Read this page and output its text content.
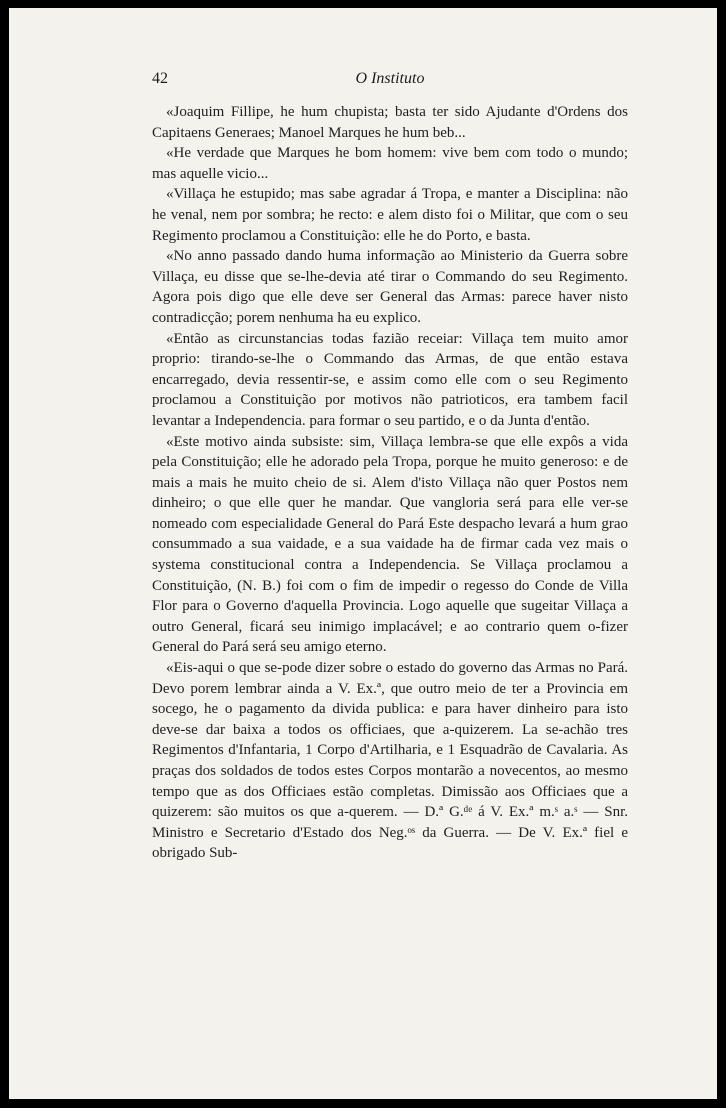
42	O Instituto

«Joaquim Fillipe, he hum chupista; basta ter sido Ajudante d'Ordens dos Capitaens Generaes; Manoel Marques he hum beb...

«He verdade que Marques he bom homem: vive bem com todo o mundo; mas aquelle vicio...

«Villaça he estupido; mas sabe agradar á Tropa, e manter a Disciplina: não he venal, nem por sombra; he recto: e alem disto foi o Militar, que com o seu Regimento proclamou a Constituição: elle he do Porto, e basta.

«No anno passado dando huma informação ao Ministerio da Guerra sobre Villaça, eu disse que se-lhe-devia até tirar o Commando do seu Regimento. Agora pois digo que elle deve ser General das Armas: parece haver nisto contradicção; porem nenhuma ha eu explico.

«Então as circunstancias todas fazião receiar: Villaça tem muito amor proprio: tirando-se-lhe o Commando das Armas, de que então estava encarregado, devia ressentir-se, e assim como elle com o seu Regimento proclamou a Constituição por motivos não patrioticos, era tambem facil levantar a Independencia. para formar o seu partido, e o da Junta d'então.

«Este motivo ainda subsiste: sim, Villaça lembra-se que elle expôs a vida pela Constituição; elle he adorado pela Tropa, porque he muito generoso: e de mais a mais he muito cheio de si. Alem d'isto Villaça não quer Postos nem dinheiro; o que elle quer he mandar. Que vangloria será para elle ver-se nomeado com especialidade General do Pará Este despacho levará a hum grao consummado a sua vaidade, e a sua vaidade ha de firmar cada vez mais o systema constitucional contra a Independencia. Se Villaça proclamou a Constituição, (N. B.) foi com o fim de impedir o regesso do Conde de Villa Flor para o Governo d'aquella Provincia. Logo aquelle que sugeitar Villaça a outro General, ficará seu inimigo implacável; e ao contrario quem o-fizer General do Pará será seu amigo eterno.

«Eis-aqui o que se-pode dizer sobre o estado do governo das Armas no Pará. Devo porem lembrar ainda a V. Ex.ª, que outro meio de ter a Provincia em socego, he o pagamento da divida publica: e para haver dinheiro para isto deve-se dar baixa a todos os officiaes, que a-quizerem. La se-achão tres Regimentos d'Infantaria, 1 Corpo d'Artilharia, e 1 Esquadrão de Cavalaria. As praças dos soldados de todos estes Corpos montarão a novecentos, ao mesmo tempo que as dos Officiaes estão completas. Dimissão aos Officiaes que a quizerem: são muitos os que a-querem. — D.ª G.ᵈᵉ á V. Ex.ª m.ˢ a.ˢ — Snr. Ministro e Secretario d'Estado dos Neg.ᵒˢ da Guerra. — De V. Ex.ª fiel e obrigado Sub-
